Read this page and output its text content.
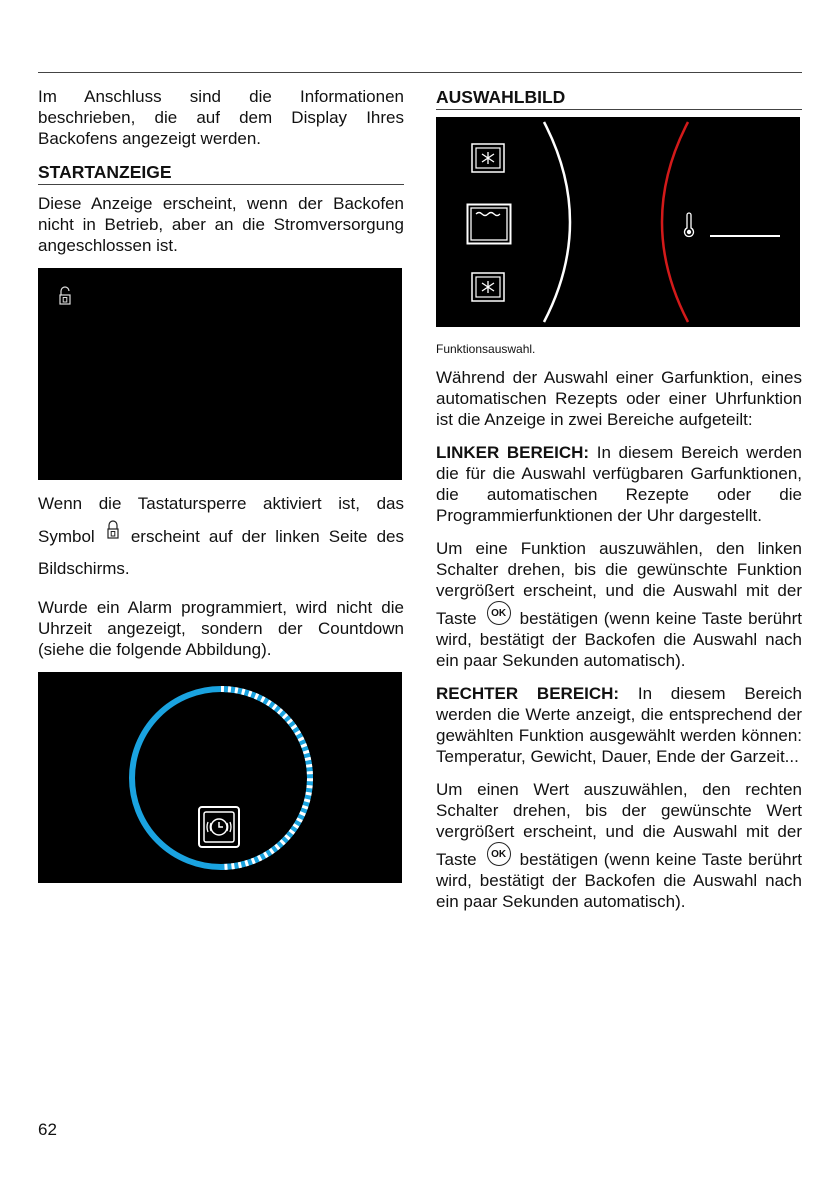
Im Anschluss sind die Informationen beschrieben, die auf dem Display Ihres Backofens angezeigt werden.

STARTANZEIGE

Diese Anzeige erscheint, wenn der Backofen nicht in Betrieb, aber an die Stromversorgung angeschlossen ist.

Wenn die Tastatursperre aktiviert ist, das Symbol erscheint auf der linken Seite des Bildschirms.

Wurde ein Alarm programmiert, wird nicht die Uhrzeit angezeigt, sondern der Countdown (siehe die folgende Abbildung).

AUSWAHLBILD
Funktionsauswahl.

Während der Auswahl einer Garfunktion, eines automatischen Rezepts oder einer Uhrfunktion ist die Anzeige in zwei Bereiche aufgeteilt:

LINKER BEREICH: In diesem Bereich werden die für die Auswahl verfügbaren Garfunktionen, die automatischen Rezepte oder die Programmierfunktionen der Uhr dargestellt.

Um eine Funktion auszuwählen, den linken Schalter drehen, bis die gewünschte Funktion vergrößert erscheint, und die Auswahl mit der Taste OK bestätigen (wenn keine Taste berührt wird, bestätigt der Backofen die Auswahl nach ein paar Sekunden automatisch).

RECHTER BEREICH: In diesem Bereich werden die Werte anzeigt, die entsprechend der gewählten Funktion ausgewählt werden können: Temperatur, Gewicht, Dauer, Ende der Garzeit...

Um einen Wert auszuwählen, den rechten Schalter drehen, bis der gewünschte Wert vergrößert erscheint, und die Auswahl mit der Taste OK bestätigen (wenn keine Taste berührt wird, bestätigt der Backofen die Auswahl nach ein paar Sekunden automatisch).

62
